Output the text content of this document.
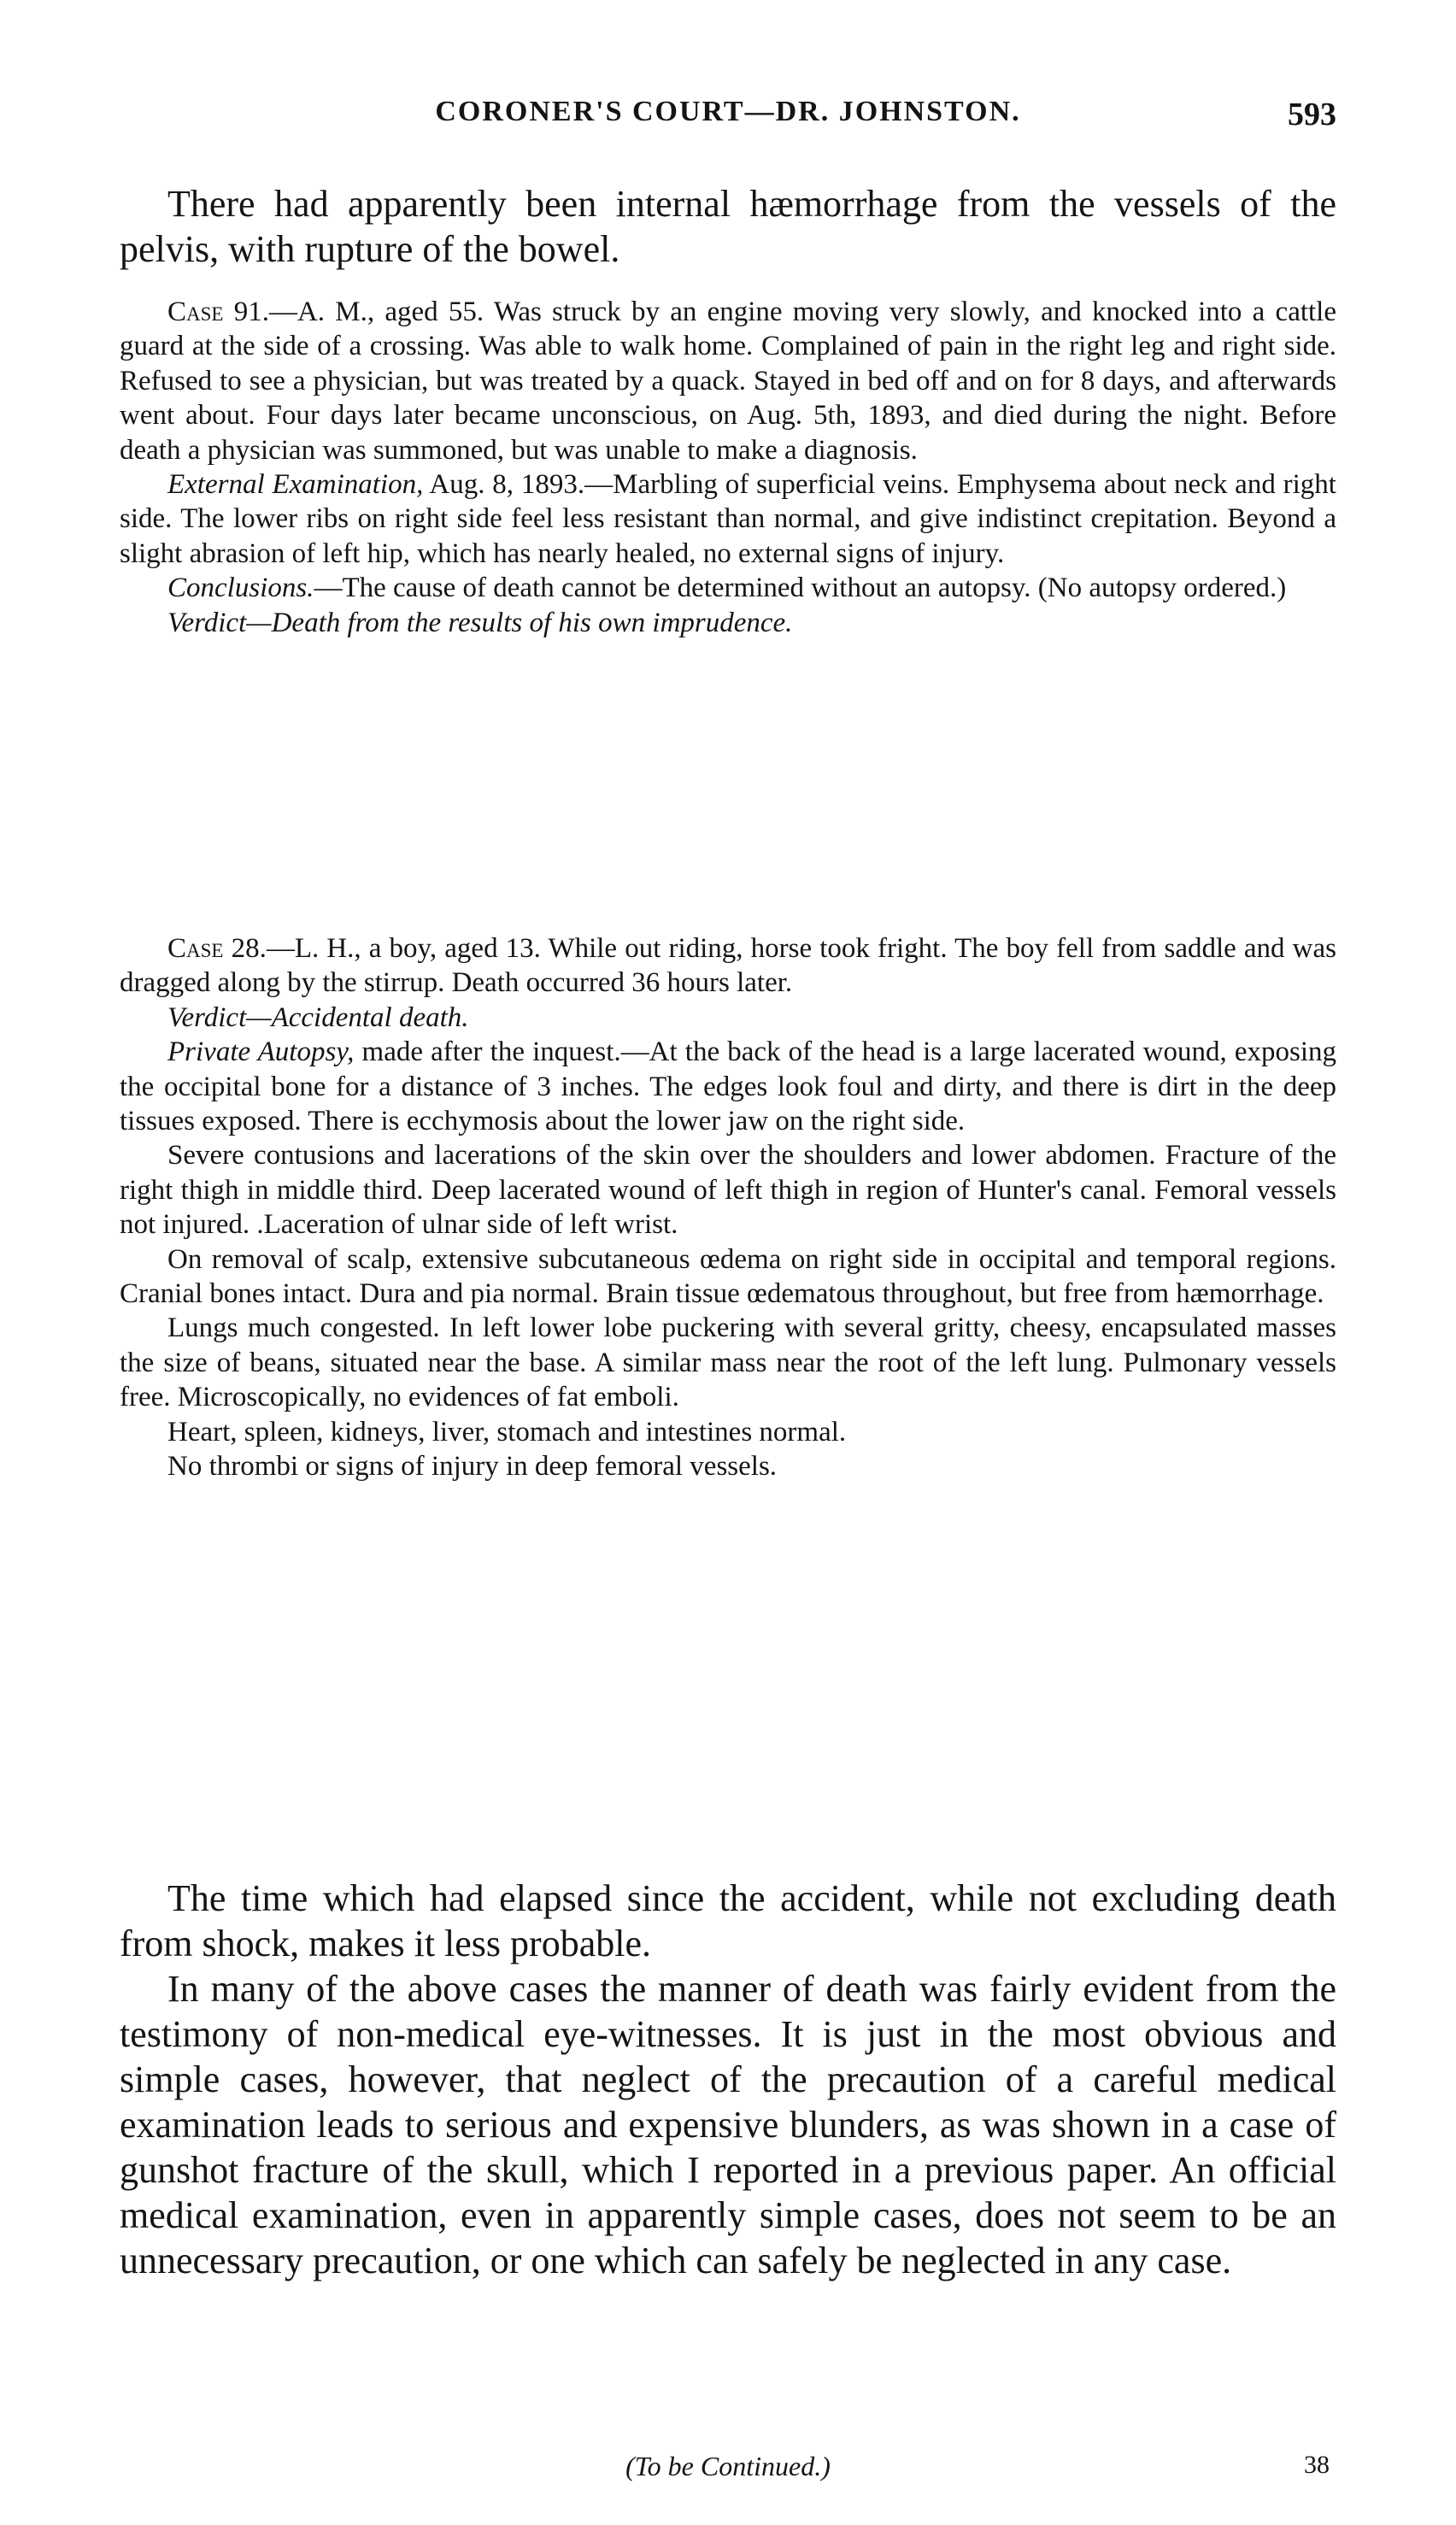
CORONER'S COURT—DR. JOHNSTON.	593

There had apparently been internal hæmorrhage from the vessels of the pelvis, with rupture of the bowel.

Case 91.—A. M., aged 55. Was struck by an engine moving very slowly, and knocked into a cattle guard at the side of a crossing. Was able to walk home. Complained of pain in the right leg and right side. Refused to see a physician, but was treated by a quack. Stayed in bed off and on for 8 days, and afterwards went about. Four days later became unconscious, on Aug. 5th, 1893, and died during the night. Before death a physician was summoned, but was unable to make a diagnosis.

External Examination, Aug. 8, 1893.—Marbling of superficial veins. Emphysema about neck and right side. The lower ribs on right side feel less resistant than normal, and give indistinct crepitation. Beyond a slight abrasion of left hip, which has nearly healed, no external signs of injury.

Conclusions.—The cause of death cannot be determined without an autopsy. (No autopsy ordered.)

Verdict—Death from the results of his own imprudence.

Case 28.—L. H., a boy, aged 13. While out riding, horse took fright. The boy fell from saddle and was dragged along by the stirrup. Death occurred 36 hours later.

Verdict—Accidental death.

Private Autopsy, made after the inquest.—At the back of the head is a large lacerated wound, exposing the occipital bone for a distance of 3 inches. The edges look foul and dirty, and there is dirt in the deep tissues exposed. There is ecchymosis about the lower jaw on the right side.

Severe contusions and lacerations of the skin over the shoulders and lower abdomen. Fracture of the right thigh in middle third. Deep lacerated wound of left thigh in region of Hunter's canal. Femoral vessels not injured. .Laceration of ulnar side of left wrist.

On removal of scalp, extensive subcutaneous œdema on right side in occipital and temporal regions. Cranial bones intact. Dura and pia normal. Brain tissue œdematous throughout, but free from hæmorrhage.

Lungs much congested. In left lower lobe puckering with several gritty, cheesy, encapsulated masses the size of beans, situated near the base. A similar mass near the root of the left lung. Pulmonary vessels free. Microscopically, no evidences of fat emboli.

Heart, spleen, kidneys, liver, stomach and intestines normal.

No thrombi or signs of injury in deep femoral vessels.

The time which had elapsed since the accident, while not excluding death from shock, makes it less probable.

In many of the above cases the manner of death was fairly evident from the testimony of non-medical eye-witnesses. It is just in the most obvious and simple cases, however, that neglect of the precaution of a careful medical examination leads to serious and expensive blunders, as was shown in a case of gunshot fracture of the skull, which I reported in a previous paper. An official medical examination, even in apparently simple cases, does not seem to be an unnecessary precaution, or one which can safely be neglected in any case.

(To be Continued.)	38
